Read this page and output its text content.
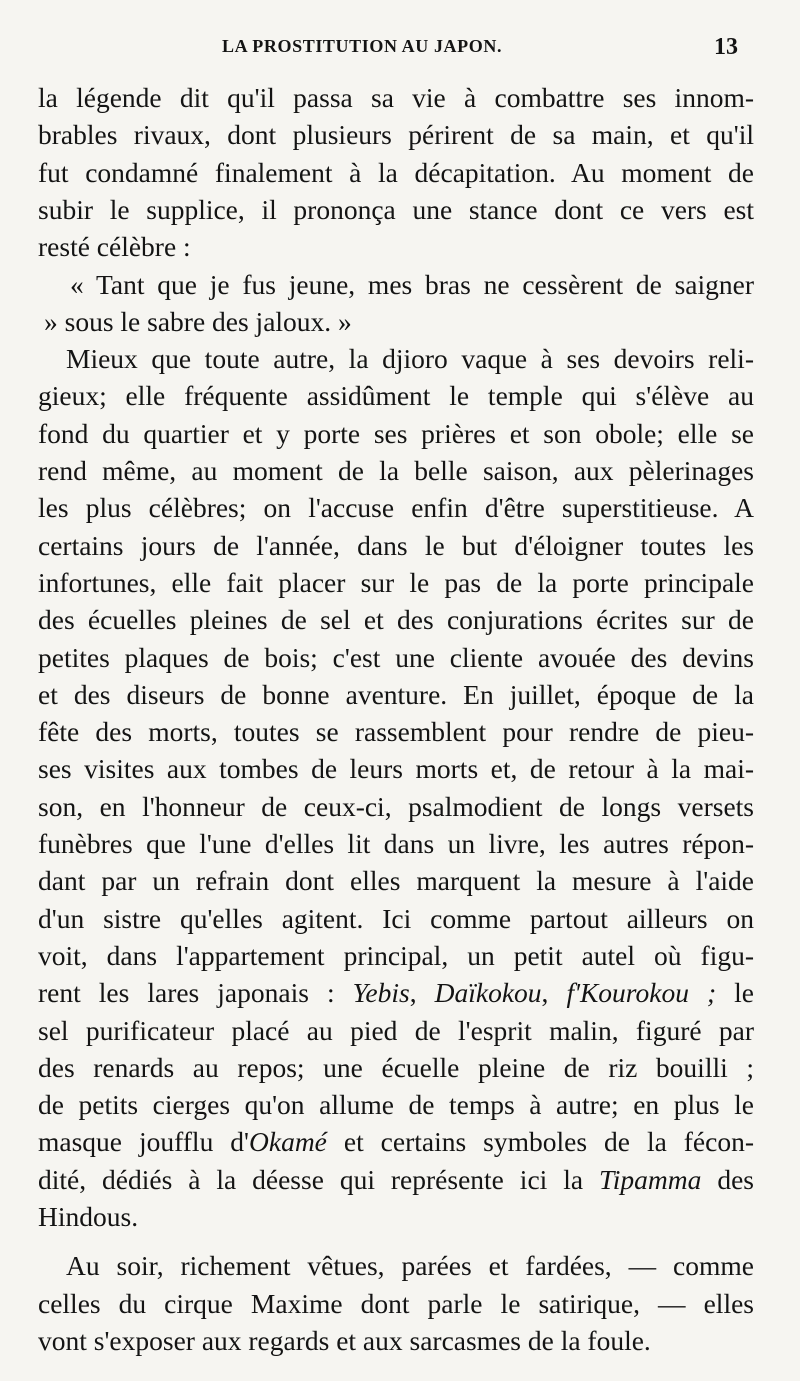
LA PROSTITUTION AU JAPON.	13
la légende dit qu'il passa sa vie à combattre ses innom-
brables rivaux, dont plusieurs périrent de sa main, et qu'il
fut condamné finalement à la décapitation. Au moment de
subir le supplice, il prononça une stance dont ce vers est
resté célèbre :
« Tant que je fus jeune, mes bras ne cessèrent de saigner
» sous le sabre des jaloux. »
Mieux que toute autre, la djioro vaque à ses devoirs reli-
gieux; elle fréquente assidûment le temple qui s'élève au
fond du quartier et y porte ses prières et son obole; elle se
rend même, au moment de la belle saison, aux pèlerinages
les plus célèbres; on l'accuse enfin d'être superstitieuse. A
certains jours de l'année, dans le but d'éloigner toutes les
infortunes, elle fait placer sur le pas de la porte principale
des écuelles pleines de sel et des conjurations écrites sur de
petites plaques de bois; c'est une cliente avouée des devins
et des diseurs de bonne aventure. En juillet, époque de la
fête des morts, toutes se rassemblent pour rendre de pieu-
ses visites aux tombes de leurs morts et, de retour à la mai-
son, en l'honneur de ceux-ci, psalmodient de longs versets
funèbres que l'une d'elles lit dans un livre, les autres répon-
dant par un refrain dont elles marquent la mesure à l'aide
d'un sistre qu'elles agitent. Ici comme partout ailleurs on
voit, dans l'appartement principal, un petit autel où figu-
rent les lares japonais : Yebis, Daïkokou, f'Kourokou ; le
sel purificateur placé au pied de l'esprit malin, figuré par
des renards au repos; une écuelle pleine de riz bouilli ;
de petits cierges qu'on allume de temps à autre; en plus le
masque joufflu d'Okamé et certains symboles de la fécon-
dité, dédiés à la déesse qui représente ici la Tipamma des
Hindous.
Au soir, richement vêtues, parées et fardées, — comme
celles du cirque Maxime dont parle le satirique, — elles
vont s'exposer aux regards et aux sarcasmes de la foule.
